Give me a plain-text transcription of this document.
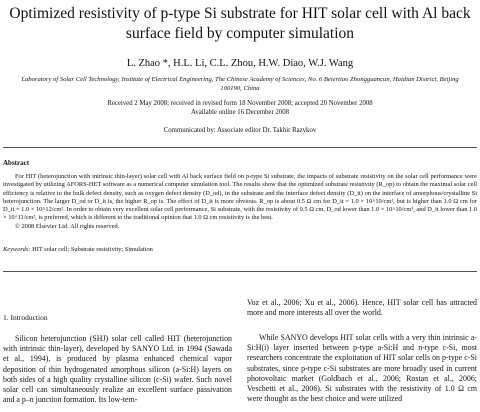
Optimized resistivity of p-type Si substrate for HIT solar cell with Al back surface field by computer simulation
L. Zhao *, H.L. Li, C.L. Zhou, H.W. Diao, W.J. Wang
Laboratory of Solar Cell Technology, Institute of Electrical Engineering, The Chinese Academy of Sciences, No. 6 Beiertiao Zhongguancun, Haidian District, Beijing 100190, China
Received 2 May 2008; received in revised form 18 November 2008; accepted 20 November 2008
Available online 16 December 2008
Communicated by: Associate editor Dr. Takhir Razykov
Abstract

For HIT (heterojunction with intrinsic thin-layer) solar cell with Al back surface field on p-type Si substrate, the impacts of substrate resistivity on the solar cell performance were investigated by utilizing AFORS-HET software as a numerical computer simulation tool. The results show that the optimized substrate resistivity (R_op) to obtain the maximal solar cell efficiency is relative to the bulk defect density, such as oxygen defect density (D_od), in the substrate and the interface defect density (D_it) on the interface of amorphous/crystalline Si heterojunction. The larger D_od or D_it is, the higher R_op is. The effect of D_it is more obvious. R_op is about 0.5 Ω cm for D_it = 1.0 × 10^10/cm², but is higher than 1.0 Ω cm for D_it = 1.0 × 10^12/cm². In order to obtain very excellent solar cell performance, Si substrate, with the resistivity of 0.5 Ω cm, D_od lower than 1.0 × 10^10/cm³, and D_it lower than 1.0 × 10^11/cm², is preferred, which is different to the traditional opinion that 1.0 Ω cm resistivity is the best.

© 2008 Elsevier Ltd. All rights reserved.

Keywords: HIT solar cell; Substrate resistivity; Simulation
1. Introduction
Silicon heterojunction (SHJ) solar cell called HIT (heterojunction with intrinsic thin-layer), developed by SANYO Ltd. in 1994 (Sawada et al., 1994), is produced by plasma enhanced chemical vapor deposition of thin hydrogenated amorphous silicon (a-Si:H) layers on both sides of a high quality crystalline silicon (c-Si) wafer. Such novel solar cell can simultaneously realize an excellent surface passivation and a p–n junction formation. Its low-tem-
Voz et al., 2006; Xu et al., 2006). Hence, HIT solar cell has attracted more and more interests all over the world.
While SANYO develops HIT solar cells with a very thin intrinsic a-Si:H(i) layer inserted between p-type a-Si:H and n-type c-Si, most researchers concentrate the exploitation of HIT solar cells on p-type c-Si substrates, since p-type c-Si substrates are more broadly used in current photovoltaic market (Goldbach et al., 2006; Rostan et al., 2006; Veschetti et al., 2006). Si substrates with the resistivity of 1.0 Ω cm were thought as the best choice and were utilized
